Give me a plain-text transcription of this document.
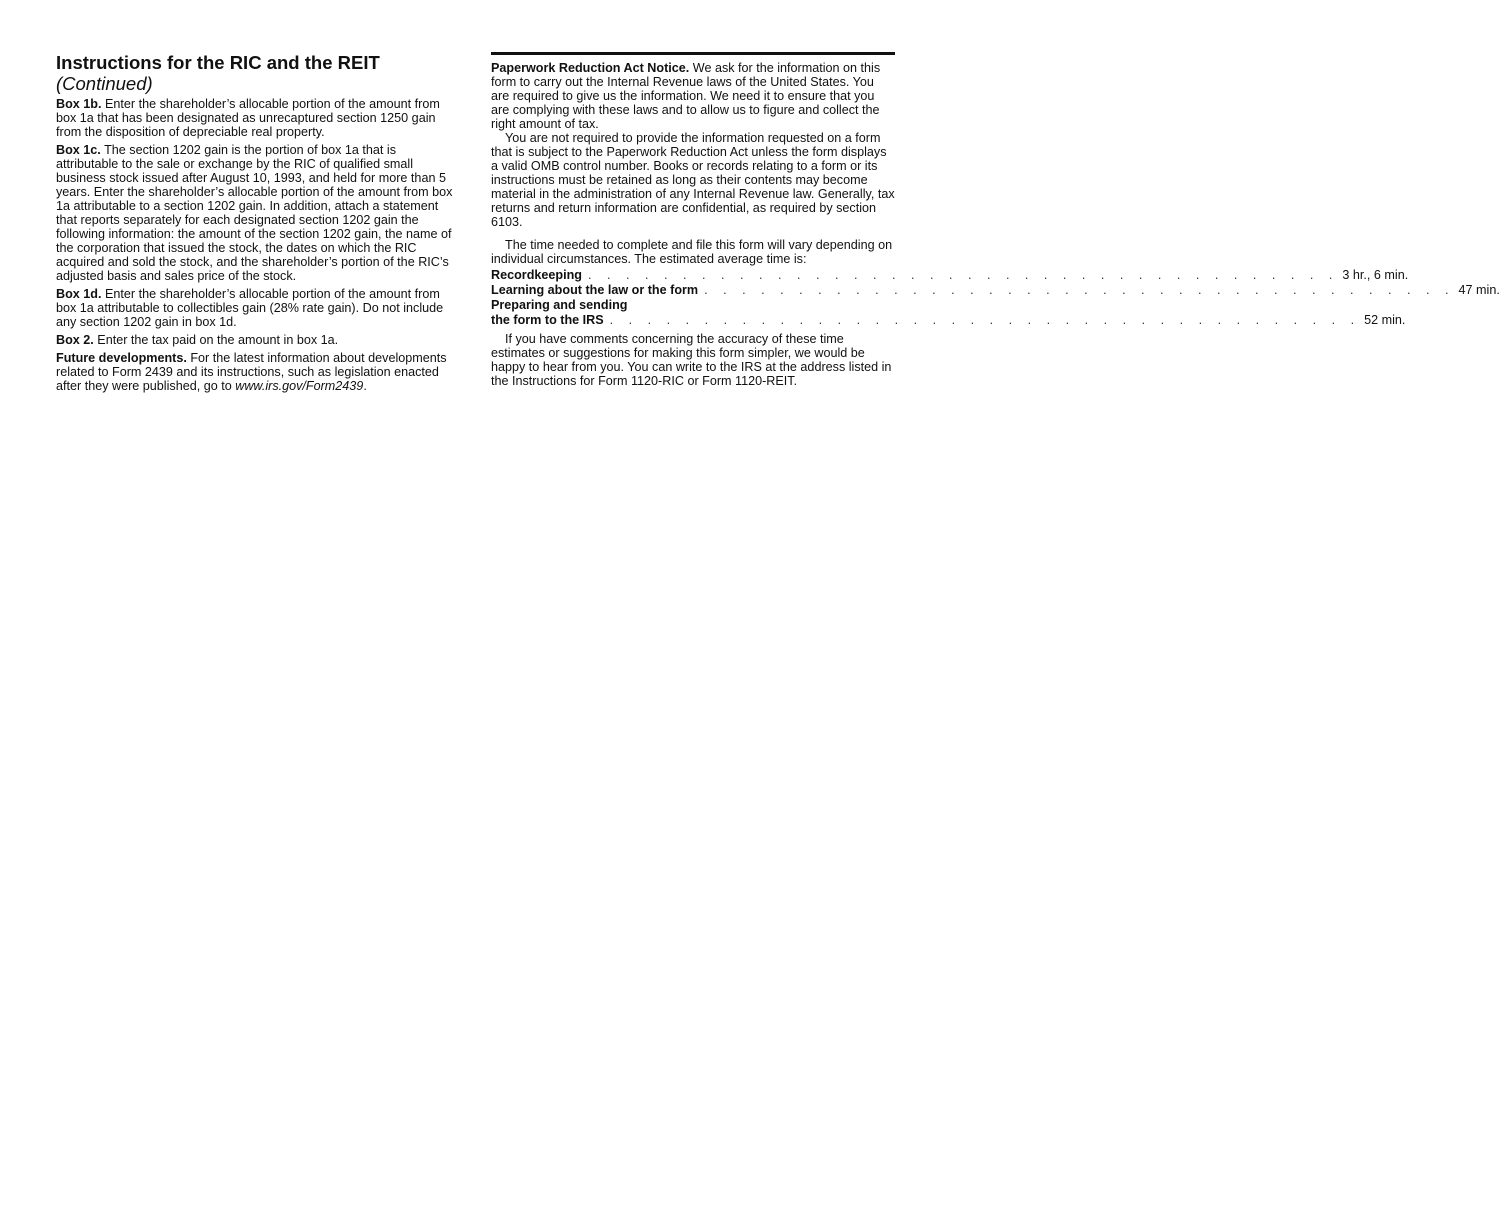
Instructions for the RIC and the REIT
(Continued)

Box 1b. Enter the shareholder’s allocable portion of the amount from box 1a that has been designated as unrecaptured section 1250 gain from the disposition of depreciable real property.

Box 1c. The section 1202 gain is the portion of box 1a that is attributable to the sale or exchange by the RIC of qualified small business stock issued after August 10, 1993, and held for more than 5 years. Enter the shareholder’s allocable portion of the amount from box 1a attributable to a section 1202 gain. In addition, attach a statement that reports separately for each designated section 1202 gain the following information: the amount of the section 1202 gain, the name of the corporation that issued the stock, the dates on which the RIC acquired and sold the stock, and the shareholder’s portion of the RIC’s adjusted basis and sales price of the stock.

Box 1d. Enter the shareholder’s allocable portion of the amount from box 1a attributable to collectibles gain (28% rate gain). Do not include any section 1202 gain in box 1d.

Box 2. Enter the tax paid on the amount in box 1a.

Future developments. For the latest information about developments related to Form 2439 and its instructions, such as legislation enacted after they were published, go to www.irs.gov/Form2439.

Paperwork Reduction Act Notice. We ask for the information on this form to carry out the Internal Revenue laws of the United States. You are required to give us the information. We need it to ensure that you are complying with these laws and to allow us to figure and collect the right amount of tax.

You are not required to provide the information requested on a form that is subject to the Paperwork Reduction Act unless the form displays a valid OMB control number. Books or records relating to a form or its instructions must be retained as long as their contents may become material in the administration of any Internal Revenue law. Generally, tax returns and return information are confidential, as required by section 6103.

The time needed to complete and file this form will vary depending on individual circumstances. The estimated average time is:

Recordkeeping . . . . . . . . . . . . . . . . . . . . . . . . . . . . . . . . . . . . . . . . 3 hr., 6 min.
Learning about the law or the form . . . . . . . . . . . . . . . . . . . . . . . . . . . . . . . . . . . . . . . . 47 min.
Preparing and sending
the form to the IRS . . . . . . . . . . . . . . . . . . . . . . . . . . . . . . . . . . . . . . . . 52 min.

If you have comments concerning the accuracy of these time estimates or suggestions for making this form simpler, we would be happy to hear from you. You can write to the IRS at the address listed in the Instructions for Form 1120-RIC or Form 1120-REIT.
